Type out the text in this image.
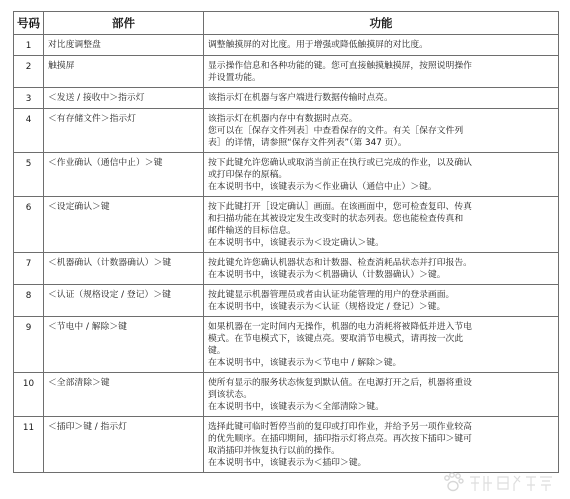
号码	部件	功能
1	对比度调整盘	调整触摸屏的对比度。用于增强或降低触摸屏的对比度。

2	触摸屏	显示操作信息和各种功能的键。您可直接触摸触摸屏，按照说明操作
并设置功能。

3	＜发送 / 接收中＞指示灯	该指示灯在机器与客户端进行数据传输时点亮。

4	＜有存储文件＞指示灯	该指示灯在机器内存中有数据时点亮。
您可以在［保存文件列表］中查看保存的文件。有关［保存文件列
表］的详情，请参照“保存文件列表”（第 347 页）。

5	＜作业确认（通信中止）＞键	按下此键允许您确认或取消当前正在执行或已完成的作业，以及确认
或打印保存的原稿。
在本说明书中，该键表示为＜作业确认（通信中止）＞键。

6	＜设定确认＞键	按下此键打开［设定确认］画面。在该画面中，您可检查复印、传真
和扫描功能在其被设定发生改变时的状态列表。您也能检查传真和
邮件输送的目标信息。
在本说明书中，该键表示为＜设定确认＞键。

7	＜机器确认（计数器确认）＞键	按此键允许您确认机器状态和计数器、检查消耗品状态并打印报告。
在本说明书中，该键表示为＜机器确认（计数器确认）＞键。

8	＜认证（规格设定 / 登记）＞键	按此键显示机器管理员或者由认证功能管理的用户的登录画面。
在本说明书中，该键表示为＜认证（规格设定 / 登记）＞键。

9	＜节电中 / 解除＞键	如果机器在一定时间内无操作，机器的电力消耗将被降低并进入节电
模式。在节电模式下，该键点亮。要取消节电模式，请再按一次此
键。
在本说明书中，该键表示为＜节电中 / 解除＞键。

10	＜全部清除＞键	使所有显示的服务状态恢复到默认值。在电源打开之后，机器将重设
到该状态。
在本说明书中，该键表示为＜全部清除＞键。

11	＜插印＞键 / 指示灯	选择此键可临时暂停当前的复印或打印作业，并给予另一项作业较高
的优先顺序。在插印期间，插印指示灯将点亮。再次按下插印＞键可
取消插印并恢复执行以前的操作。
在本说明书中，该键表示为＜插印＞键。
